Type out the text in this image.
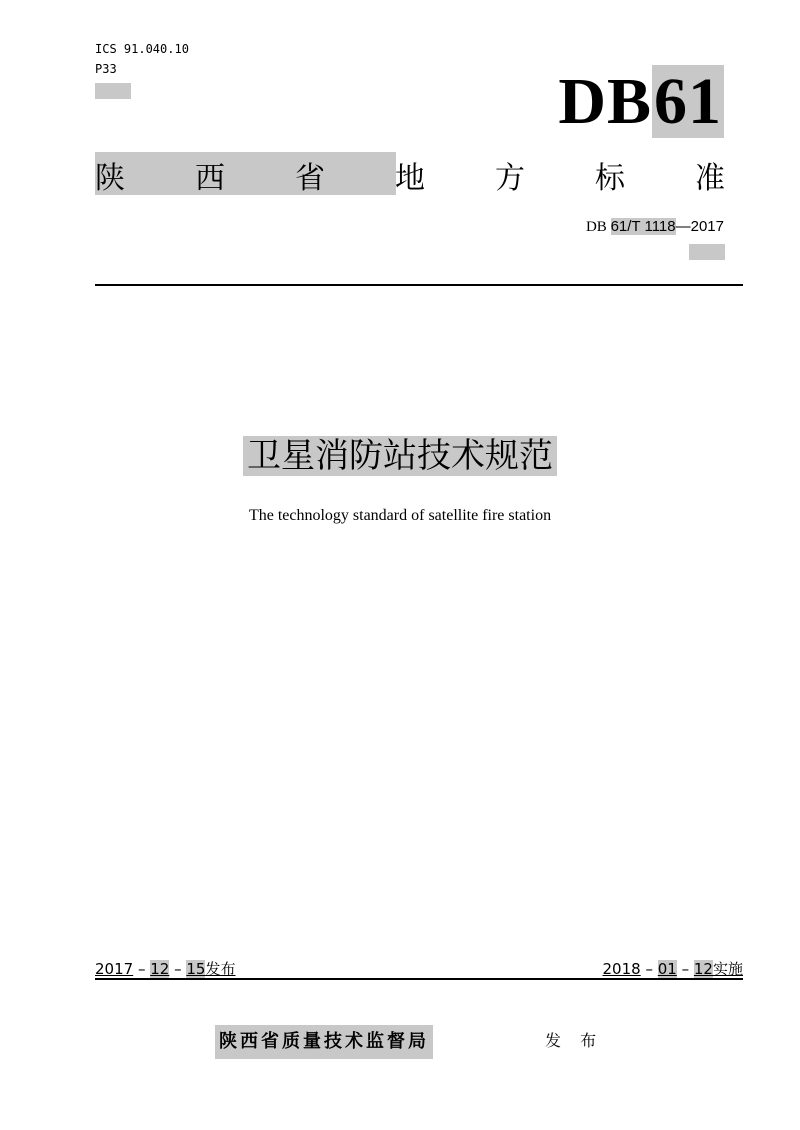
ICS 91.040.10
P33	DB61
陕 西 省 地 方 标 准
DB 61/T 1118—2017
卫星消防站技术规范
The technology standard of satellite fire station
2017 – 12 – 15发布	2018 – 01 – 12实施
陕西省质量技术监督局	发 布
